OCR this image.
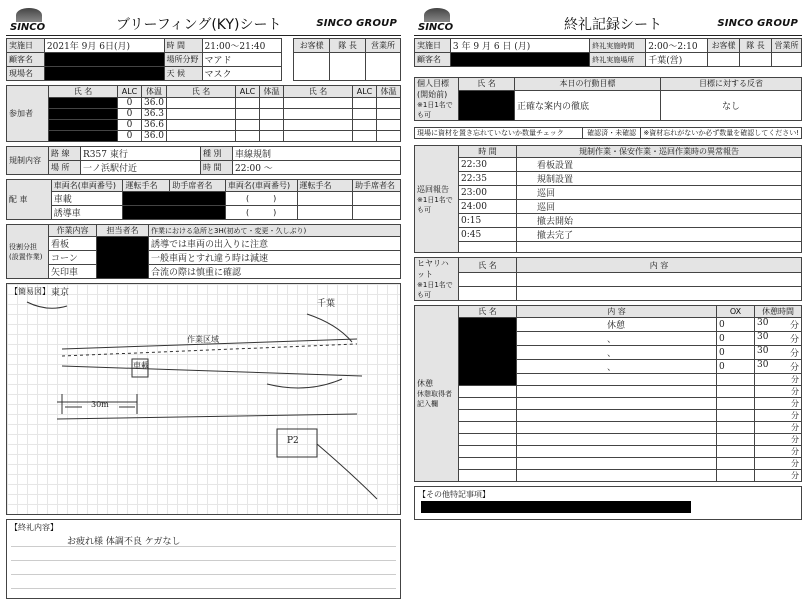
SINCO	ブリーフィング(KY)シート	SINCO GROUP
実施日	2021年 9月 6日(月)	時 間	21:00〜21:40		お客様	隊 長	営業所
顧客名		場所分野	マアド				
現場名		天 候	マスク				
参加者	氏 名	ALC	体温	氏 名	ALC	体温	氏 名	ALC	体温
		0	36.0						
		0	36.3						
		0	36.6						
		0	36.0						
規制内容	路 線	R357 東行	種 別	車線規制
	場 所	一ノ浜駅付近	時 間	22:00 〜
配 車	車両名(車両番号)	運転手名	助手席者名	車両名(車両番号)	運転手名	助手席者名
	車載			(　　　)		
	誘導車			(　　　)		
役割分担(設置作業)	作業内容	担当者名	作業における急所と3H(初めて・変更・久しぶり)
	看板		誘導では車両の出入りに注意
	コーン		一般車両とすれ違う時は減速
	矢印車		合流の際は慎重に確認
【簡易図】 東京
千葉
作業区域
車載
30m
P2
【終礼内容】
お疲れ様 体調不良 ケガなし
SINCO	終礼記録シート	SINCO GROUP
実施日	3 年 9 月 6 日 (月)	終礼実施時間	2:00〜2:10	お客様	隊 長	営業所
顧客名		終礼実施場所	千葉(営)			
個人目標(開始前)
※1日1名でも可	氏 名	本日の行動目標	目標に対する反省
		正確な案内の徹底	なし
現場に資材を置き忘れていないか数量チェック	確認済・未確認	※資材忘れがないか必ず数量を確認してください!
巡回報告
※1日1名でも可	時 間	規制作業・保安作業・巡回作業時の異常報告
	22:30	看板設置
	22:35	規制設置
	23:00	巡回
	24:00	巡回
	0:15	撤去開始
	0:45	撤去完了

ヒヤリハット
※1日1名でも可	氏 名	内 容

休憩
休憩取得者記入欄	氏 名	内 容	OX	休憩時間
		休憩	0	30 分

		、	0	30 分

		、	0	30 分

		、	0	30 分

				分

				分

				分

				分

				分

				分

				分

				分

				分
【その他特記事項】
